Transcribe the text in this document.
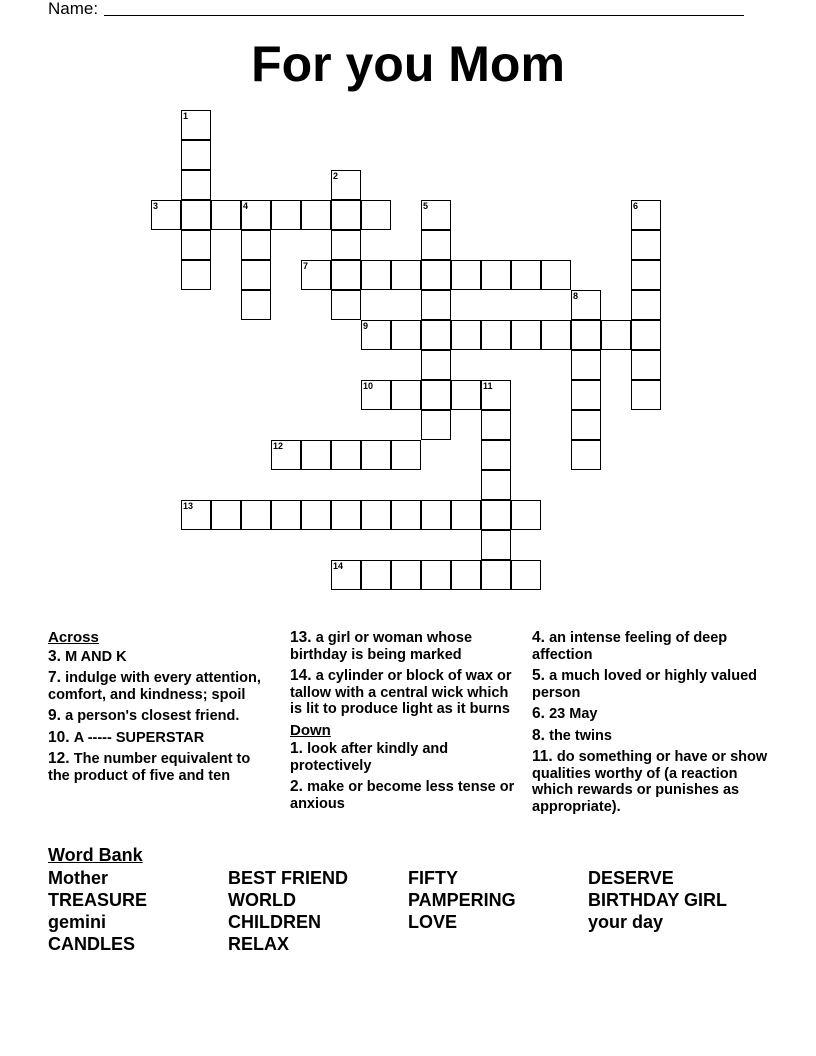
Name:
For you Mom
1
2
3	4	5	6
7
8
9
10	11
12
13
14
Across
3. M AND K
7. indulge with every attention, comfort, and kindness; spoil
9. a person's closest friend.
10. A ----- SUPERSTAR
12. The number equivalent to the product of five and ten
13. a girl or woman whose birthday is being marked
14. a cylinder or block of wax or tallow with a central wick which is lit to produce light as it burns
Down
1. look after kindly and protectively
2. make or become less tense or anxious
4. an intense feeling of deep affection
5. a much loved or highly valued person
6. 23 May
8. the twins
11. do something or have or show qualities worthy of (a reaction which rewards or punishes as appropriate).
Word Bank
Mother
TREASURE
gemini
CANDLES
BEST FRIEND
WORLD
CHILDREN
RELAX
FIFTY
PAMPERING
LOVE
DESERVE
BIRTHDAY GIRL
your day
